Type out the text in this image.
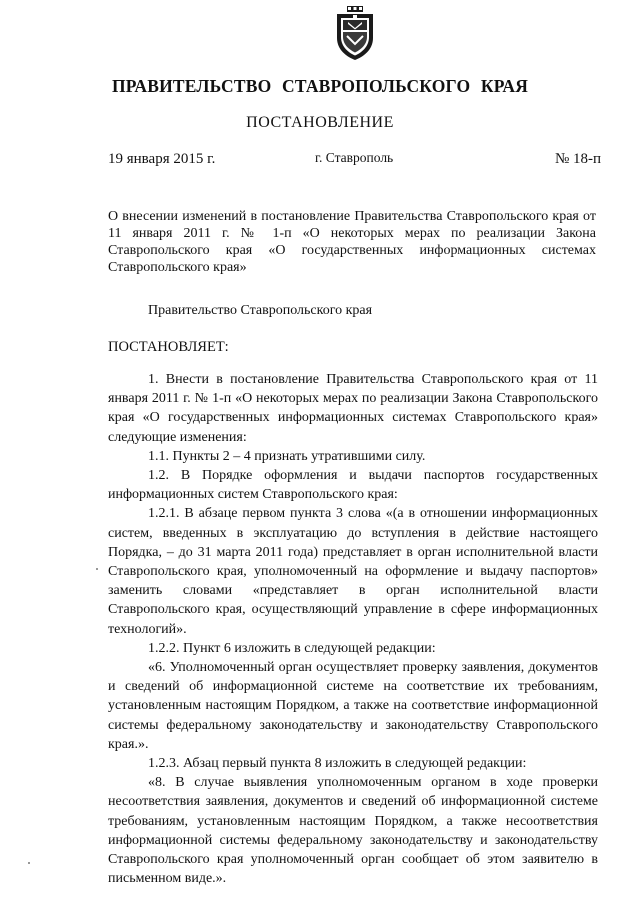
ПРАВИТЕЛЬСТВО СТАВРОПОЛЬСКОГО КРАЯ
ПОСТАНОВЛЕНИЕ
19 января 2015 г.	г. Ставрополь	№ 18-п

О внесении изменений в постановление Правительства Ставропольского края от 11 января 2011 г. № 1-п «О некоторых мерах по реализации Закона Ставропольского края «О государственных информационных системах Ставропольского края»

Правительство Ставропольского края
ПОСТАНОВЛЯЕТ:

1. Внести в постановление Правительства Ставропольского края от 11 января 2011 г. № 1-п «О некоторых мерах по реализации Закона Ставропольского края «О государственных информационных системах Ставропольского края» следующие изменения:

1.1. Пункты 2 – 4 признать утратившими силу.

1.2. В Порядке оформления и выдачи паспортов государственных информационных систем Ставропольского края:

1.2.1. В абзаце первом пункта 3 слова «(а в отношении информационных систем, введенных в эксплуатацию до вступления в действие настоящего Порядка, – до 31 марта 2011 года) представляет в орган исполнительной власти Ставропольского края, уполномоченный на оформление и выдачу паспортов» заменить словами «представляет в орган исполнительной власти Ставропольского края, осуществляющий управление в сфере информационных технологий».

1.2.2. Пункт 6 изложить в следующей редакции:

«6. Уполномоченный орган осуществляет проверку заявления, документов и сведений об информационной системе на соответствие их требованиям, установленным настоящим Порядком, а также на соответствие информационной системы федеральному законодательству и законодательству Ставропольского края.».

1.2.3. Абзац первый пункта 8 изложить в следующей редакции:

«8. В случае выявления уполномоченным органом в ходе проверки несоответствия заявления, документов и сведений об информационной системе требованиям, установленным настоящим Порядком, а также несоответствия информационной системы федеральному законодательству и законодательству Ставропольского края уполномоченный орган сообщает об этом заявителю в письменном виде.».
